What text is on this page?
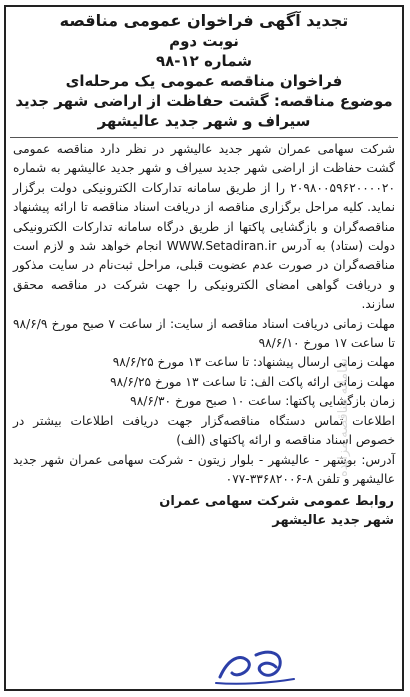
تجدید آگهی فراخوان عمومی مناقصه
نوبت دوم
شماره ۱۲-۹۸
فراخوان مناقصه عمومی یک مرحله‌ای
موضوع مناقصه: گشت حفاظت از اراضی شهر جدید
سیراف و شهر جدید عالیشهر

شرکت سهامی عمران شهر جدید عالیشهر در نظر دارد مناقصه عمومی گشت حفاظت از اراضی شهر جدید سیراف و شهر جدید عالیشهر به شماره ۲۰۹۸۰۰۵۹۶۲۰۰۰۰۲۰ را از طریق سامانه تدارکات الکترونیکی دولت برگزار نماید. کلیه مراحل برگزاری مناقصه از دریافت اسناد مناقصه تا ارائه پیشنهاد مناقصه‌گران و بازگشایی پاکتها از طریق درگاه سامانه تدارکات الکترونیکی دولت (ستاد) به آدرس WWW.Setadiran.ir انجام خواهد شد و لازم است مناقصه‌گران در صورت عدم عضویت قبلی، مراحل ثبت‌نام در سایت مذکور و دریافت گواهی امضای الکترونیکی را جهت شرکت در مناقصه محقق سازند.

مهلت زمانی دریافت اسناد مناقصه از سایت: از ساعت ۷ صبح مورخ ۹۸/۶/۹ تا ساعت ۱۷ مورخ ۹۸/۶/۱۰

مهلت زمانی ارسال پیشنهاد: تا ساعت ۱۳ مورخ ۹۸/۶/۲۵

مهلت زمانی ارائه پاکت الف: تا ساعت ۱۳ مورخ ۹۸/۶/۲۵

زمان بازگشایی پاکتها: ساعت ۱۰ صبح مورخ ۹۸/۶/۳۰

اطلاعات تماس دستگاه مناقصه‌گزار جهت دریافت اطلاعات بیشتر در خصوص اسناد مناقصه و ارائه پاکتهای (الف)

آدرس: بوشهر - عالیشهر - بلوار زیتون - شرکت سهامی عمران شهر جدید عالیشهر و تلفن ۸-۳۳۶۸۲۰۰۶-۰۷۷

روابط عمومی شرکت سهامی عمران
شهر جدید عالیشهر
سامانه مناقصه مزایده
